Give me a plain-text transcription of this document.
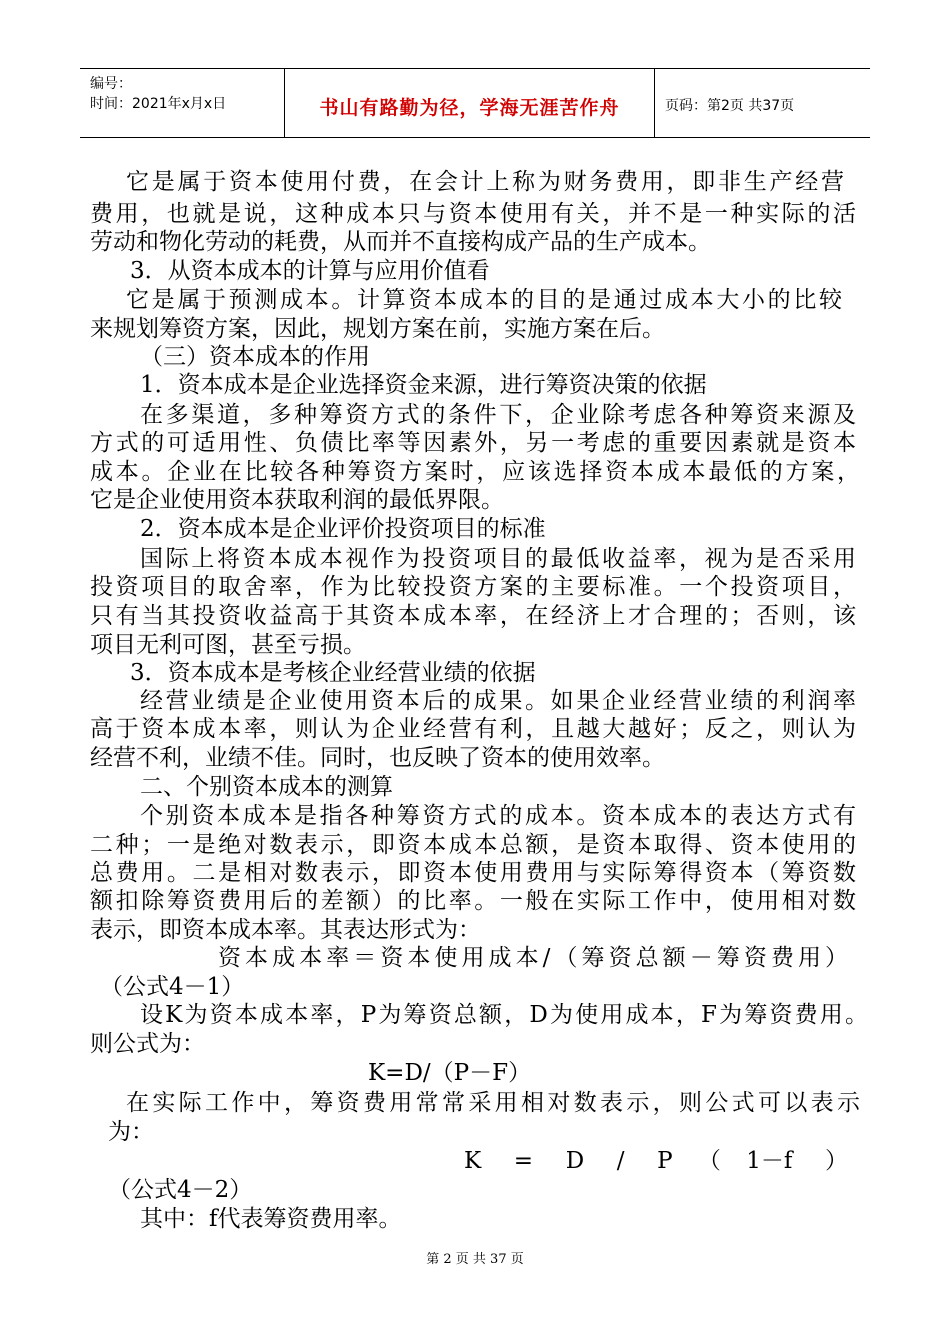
编号：
时间：2021年x月x日	书山有路勤为径，学海无涯苦作舟	页码：第2页 共37页
它是属于资本使用付费，在会计上称为财务费用，即非生产经营
费用，也就是说，这种成本只与资本使用有关，并不是一种实际的活
劳动和物化劳动的耗费，从而并不直接构成产品的生产成本。
3．从资本成本的计算与应用价值看
它是属于预测成本。计算资本成本的目的是通过成本大小的比较
来规划筹资方案，因此，规划方案在前，实施方案在后。
（三）资本成本的作用
1．资本成本是企业选择资金来源，进行筹资决策的依据
在多渠道，多种筹资方式的条件下，企业除考虑各种筹资来源及
方式的可适用性、负债比率等因素外，另一考虑的重要因素就是资本
成本。企业在比较各种筹资方案时，应该选择资本成本最低的方案，
它是企业使用资本获取利润的最低界限。
2．资本成本是企业评价投资项目的标准
国际上将资本成本视作为投资项目的最低收益率，视为是否采用
投资项目的取舍率，作为比较投资方案的主要标准。一个投资项目，
只有当其投资收益高于其资本成本率，在经济上才合理的；否则，该
项目无利可图，甚至亏损。
3．资本成本是考核企业经营业绩的依据
经营业绩是企业使用资本后的成果。如果企业经营业绩的利润率
高于资本成本率，则认为企业经营有利，且越大越好；反之，则认为
经营不利，业绩不佳。同时，也反映了资本的使用效率。
二、个别资本成本的测算
个别资本成本是指各种筹资方式的成本。资本成本的表达方式有
二种；一是绝对数表示，即资本成本总额，是资本取得、资本使用的
总费用。二是相对数表示，即资本使用费用与实际筹得资本（筹资数
额扣除筹资费用后的差额）的比率。一般在实际工作中，使用相对数
表示，即资本成本率。其表达形式为：
资本成本率＝资本使用成本/（筹资总额－筹资费用）
（公式4－1）
设K为资本成本率，P为筹资总额，D为使用成本，F为筹资费用。
则公式为：
K=D/（P－F）
在实际工作中，筹资费用常常采用相对数表示，则公式可以表示
为：
K = D / P（1－f ）
（公式4－2）
其中：f代表筹资费用率。
第 2 页 共 37 页
